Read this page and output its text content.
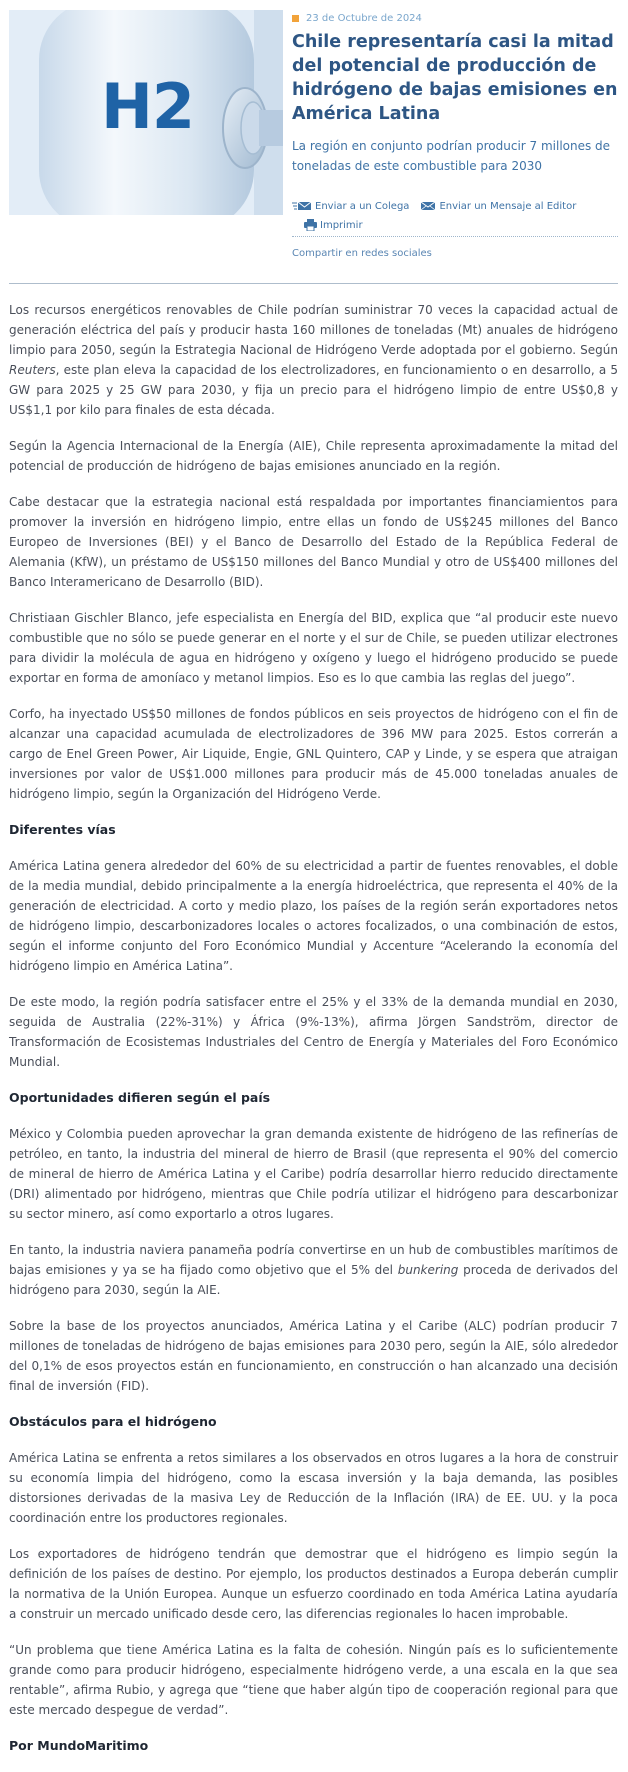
H2
23 de Octubre de 2024
Chile representaría casi la mitad del potencial de producción de hidrógeno de bajas emisiones en América Latina

La región en conjunto podrían producir 7 millones de toneladas de este combustible para 2030

Enviar a un Colega	Enviar un Mensaje al Editor
Imprimir
Compartir en redes sociales

Los recursos energéticos renovables de Chile podrían suministrar 70 veces la capacidad actual de generación eléctrica del país y producir hasta 160 millones de toneladas (Mt) anuales de hidrógeno limpio para 2050, según la Estrategia Nacional de Hidrógeno Verde adoptada por el gobierno. Según Reuters, este plan eleva la capacidad de los electrolizadores, en funcionamiento o en desarrollo, a 5 GW para 2025 y 25 GW para 2030, y fija un precio para el hidrógeno limpio de entre US$0,8 y US$1,1 por kilo para finales de esta década.

Según la Agencia Internacional de la Energía (AIE), Chile representa aproximadamente la mitad del potencial de producción de hidrógeno de bajas emisiones anunciado en la región.

Cabe destacar que la estrategia nacional está respaldada por importantes financiamientos para promover la inversión en hidrógeno limpio, entre ellas un fondo de US$245 millones del Banco Europeo de Inversiones (BEI) y el Banco de Desarrollo del Estado de la República Federal de Alemania (KfW), un préstamo de US$150 millones del Banco Mundial y otro de US$400 millones del Banco Interamericano de Desarrollo (BID).

Christiaan Gischler Blanco, jefe especialista en Energía del BID, explica que “al producir este nuevo combustible que no sólo se puede generar en el norte y el sur de Chile, se pueden utilizar electrones para dividir la molécula de agua en hidrógeno y oxígeno y luego el hidrógeno producido se puede exportar en forma de amoníaco y metanol limpios. Eso es lo que cambia las reglas del juego”.

Corfo, ha inyectado US$50 millones de fondos públicos en seis proyectos de hidrógeno con el fin de alcanzar una capacidad acumulada de electrolizadores de 396 MW para 2025. Estos correrán a cargo de Enel Green Power, Air Liquide, Engie, GNL Quintero, CAP y Linde, y se espera que atraigan inversiones por valor de US$1.000 millones para producir más de 45.000 toneladas anuales de hidrógeno limpio, según la Organización del Hidrógeno Verde.

Diferentes vías

América Latina genera alrededor del 60% de su electricidad a partir de fuentes renovables, el doble de la media mundial, debido principalmente a la energía hidroeléctrica, que representa el 40% de la generación de electricidad. A corto y medio plazo, los países de la región serán exportadores netos de hidrógeno limpio, descarbonizadores locales o actores focalizados, o una combinación de estos, según el informe conjunto del Foro Económico Mundial y Accenture “Acelerando la economía del hidrógeno limpio en América Latina”.

De este modo, la región podría satisfacer entre el 25% y el 33% de la demanda mundial en 2030, seguida de Australia (22%-31%) y África (9%-13%), afirma Jörgen Sandström, director de Transformación de Ecosistemas Industriales del Centro de Energía y Materiales del Foro Económico Mundial.

Oportunidades difieren según el país

México y Colombia pueden aprovechar la gran demanda existente de hidrógeno de las refinerías de petróleo, en tanto, la industria del mineral de hierro de Brasil (que representa el 90% del comercio de mineral de hierro de América Latina y el Caribe) podría desarrollar hierro reducido directamente (DRI) alimentado por hidrógeno, mientras que Chile podría utilizar el hidrógeno para descarbonizar su sector minero, así como exportarlo a otros lugares.

En tanto, la industria naviera panameña podría convertirse en un hub de combustibles marítimos de bajas emisiones y ya se ha fijado como objetivo que el 5% del bunkering proceda de derivados del hidrógeno para 2030, según la AIE.

Sobre la base de los proyectos anunciados, América Latina y el Caribe (ALC) podrían producir 7 millones de toneladas de hidrógeno de bajas emisiones para 2030 pero, según la AIE, sólo alrededor del 0,1% de esos proyectos están en funcionamiento, en construcción o han alcanzado una decisión final de inversión (FID).

Obstáculos para el hidrógeno

América Latina se enfrenta a retos similares a los observados en otros lugares a la hora de construir su economía limpia del hidrógeno, como la escasa inversión y la baja demanda, las posibles distorsiones derivadas de la masiva Ley de Reducción de la Inflación (IRA) de EE. UU. y la poca coordinación entre los productores regionales.

Los exportadores de hidrógeno tendrán que demostrar que el hidrógeno es limpio según la definición de los países de destino. Por ejemplo, los productos destinados a Europa deberán cumplir la normativa de la Unión Europea. Aunque un esfuerzo coordinado en toda América Latina ayudaría a construir un mercado unificado desde cero, las diferencias regionales lo hacen improbable.

“Un problema que tiene América Latina es la falta de cohesión. Ningún país es lo suficientemente grande como para producir hidrógeno, especialmente hidrógeno verde, a una escala en la que sea rentable”, afirma Rubio, y agrega que “tiene que haber algún tipo de cooperación regional para que este mercado despegue de verdad”.

Por MundoMaritimo
